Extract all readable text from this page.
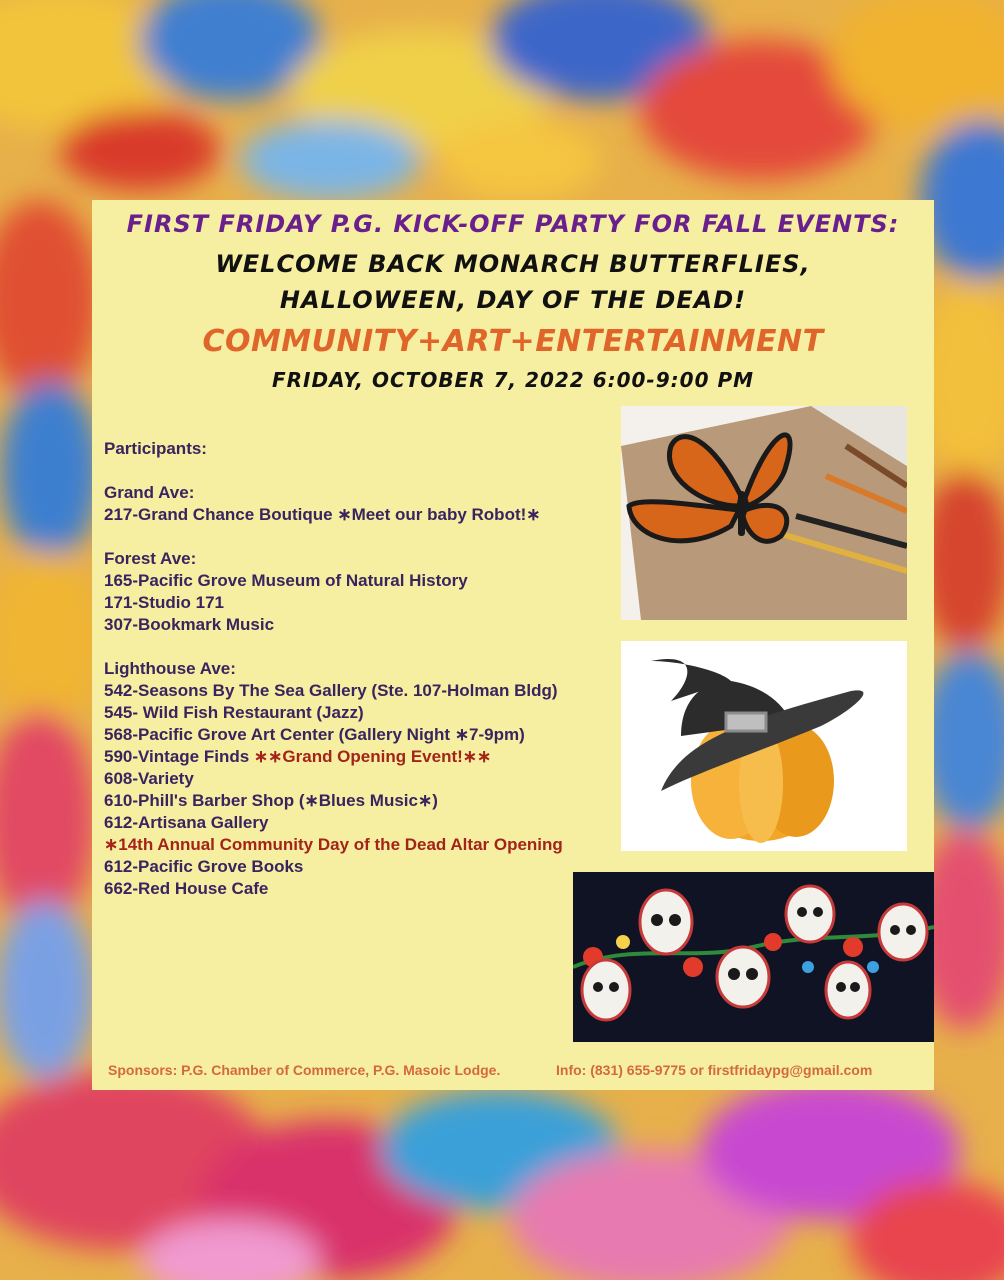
FIRST FRIDAY P.G. KICK-OFF PARTY FOR FALL EVENTS:
WELCOME BACK MONARCH BUTTERFLIES,
HALLOWEEN, DAY OF THE DEAD!
COMMUNITY+ART+ENTERTAINMENT
FRIDAY, OCTOBER 7, 2022 6:00-9:00 PM
Participants:
Grand Ave:
217-Grand Chance Boutique ∗Meet our baby Robot!∗
Forest Ave:
165-Pacific Grove Museum of Natural History
171-Studio 171
307-Bookmark Music
Lighthouse Ave:
542-Seasons By The Sea Gallery (Ste. 107-Holman Bldg)
545- Wild Fish Restaurant (Jazz)
568-Pacific Grove Art Center (Gallery Night ∗7-9pm)
590-Vintage Finds ∗∗Grand Opening Event!∗∗
608-Variety
610-Phill's Barber Shop (∗Blues Music∗)
612-Artisana Gallery
∗14th Annual Community Day of the Dead Altar Opening
612-Pacific Grove Books
662-Red House Cafe
Sponsors: P.G. Chamber of Commerce, P.G. Masoic Lodge.	Info: (831) 655-9775 or firstfridaypg@gmail.com
